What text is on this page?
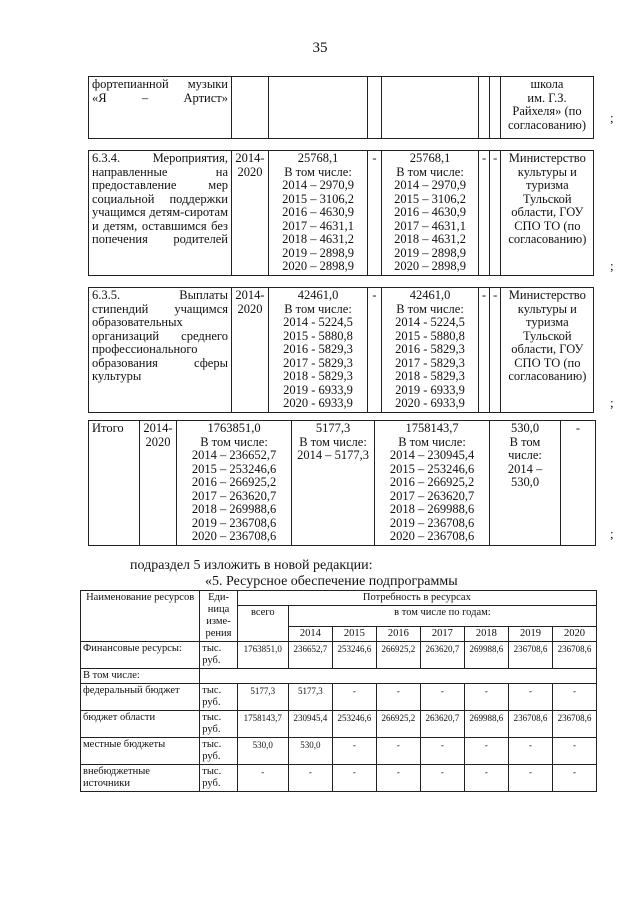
35
фортепианной музыки «Я – Артист»							школа
им. Г.З.
Райхеля» (по
согласованию) ;
6.3.4. Мероприятия, направленные на предоставление мер социальной поддержки учащимся детям-сиротам и детям, оставшимся без попечения родителей	2014-
2020	25768,1
В том числе:
2014 – 2970,9
2015 – 3106,2
2016 – 4630,9
2017 – 4631,1
2018 – 4631,2
2019 – 2898,9
2020 – 2898,9	-	25768,1
В том числе:
2014 – 2970,9
2015 – 3106,2
2016 – 4630,9
2017 – 4631,1
2018 – 4631,2
2019 – 2898,9
2020 – 2898,9	-	-	Министерство культуры и туризма Тульской области, ГОУ СПО ТО (по согласованию)
;
6.3.5. Выплаты стипендий учащимся образовательных организаций среднего профессионального образования сферы культуры	2014-
2020	42461,0
В том числе:
2014 - 5224,5
2015 - 5880,8
2016 - 5829,3
2017 - 5829,3
2018 - 5829,3
2019 - 6933,9
2020 - 6933,9	-	42461,0
В том числе:
2014 - 5224,5
2015 - 5880,8
2016 - 5829,3
2017 - 5829,3
2018 - 5829,3
2019 - 6933,9
2020 - 6933,9	-	-	Министерство культуры и туризма Тульской области, ГОУ СПО ТО (по согласованию)
;
Итого	2014-
2020	1763851,0
В том числе:
2014 – 236652,7
2015 – 253246,6
2016 – 266925,2
2017 – 263620,7
2018 – 269988,6
2019 – 236708,6
2020 – 236708,6	5177,3
В том числе:
2014 – 5177,3	1758143,7
В том числе:
2014 – 230945,4
2015 – 253246,6
2016 – 266925,2
2017 – 263620,7
2018 – 269988,6
2019 – 236708,6
2020 – 236708,6	530,0
В том
числе:
2014 – 530,0	-
;
подраздел 5 изложить в новой редакции:
«5. Ресурсное обеспечение подпрограммы
Наименование ресурсов	Еди-
ница
изме-
рения	Потребность в ресурсах							
		всего	в том числе по годам:						
			2014	2015	2016	2017	2018	2019	2020
Финансовые ресурсы:	тыс.
руб.	1763851,0	236652,7	253246,6	266925,2	263620,7	269988,6	236708,6	236708,6
В том числе:									
федеральный бюджет	тыс.
руб.	5177,3	5177,3	-	-	-	-	-	-
бюджет области	тыс.
руб.	1758143,7	230945,4	253246,6	266925,2	263620,7	269988,6	236708,6	236708,6
местные бюджеты	тыс.
руб.	530,0	530,0	-	-	-	-	-	-
внебюджетные источники	тыс.
руб.	-	-	-	-	-	-	-	-
